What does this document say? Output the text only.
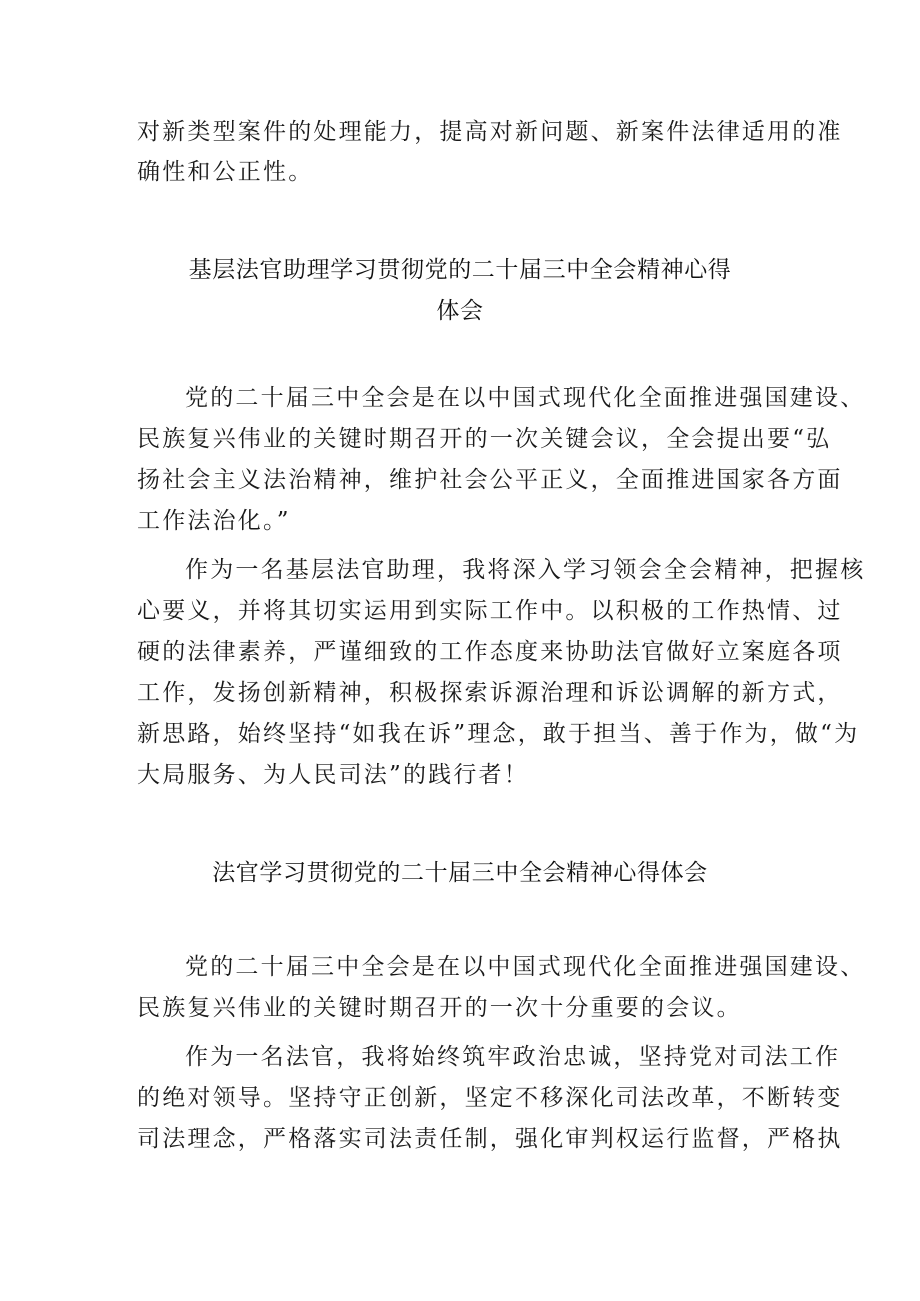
对新类型案件的处理能力，提高对新问题、新案件法律适用的准
确性和公正性。
基层法官助理学习贯彻党的二十届三中全会精神心得
体会
党的二十届三中全会是在以中国式现代化全面推进强国建设、
民族复兴伟业的关键时期召开的一次关键会议，全会提出要“弘
扬社会主义法治精神，维护社会公平正义，全面推进国家各方面
工作法治化。”
作为一名基层法官助理，我将深入学习领会全会精神，把握核
心要义，并将其切实运用到实际工作中。以积极的工作热情、过
硬的法律素养，严谨细致的工作态度来协助法官做好立案庭各项
工作，发扬创新精神，积极探索诉源治理和诉讼调解的新方式，
新思路，始终坚持“如我在诉”理念，敢于担当、善于作为，做“为
大局服务、为人民司法”的践行者！
法官学习贯彻党的二十届三中全会精神心得体会
党的二十届三中全会是在以中国式现代化全面推进强国建设、
民族复兴伟业的关键时期召开的一次十分重要的会议。
作为一名法官，我将始终筑牢政治忠诚，坚持党对司法工作
的绝对领导。坚持守正创新，坚定不移深化司法改革，不断转变
司法理念，严格落实司法责任制，强化审判权运行监督，严格执
